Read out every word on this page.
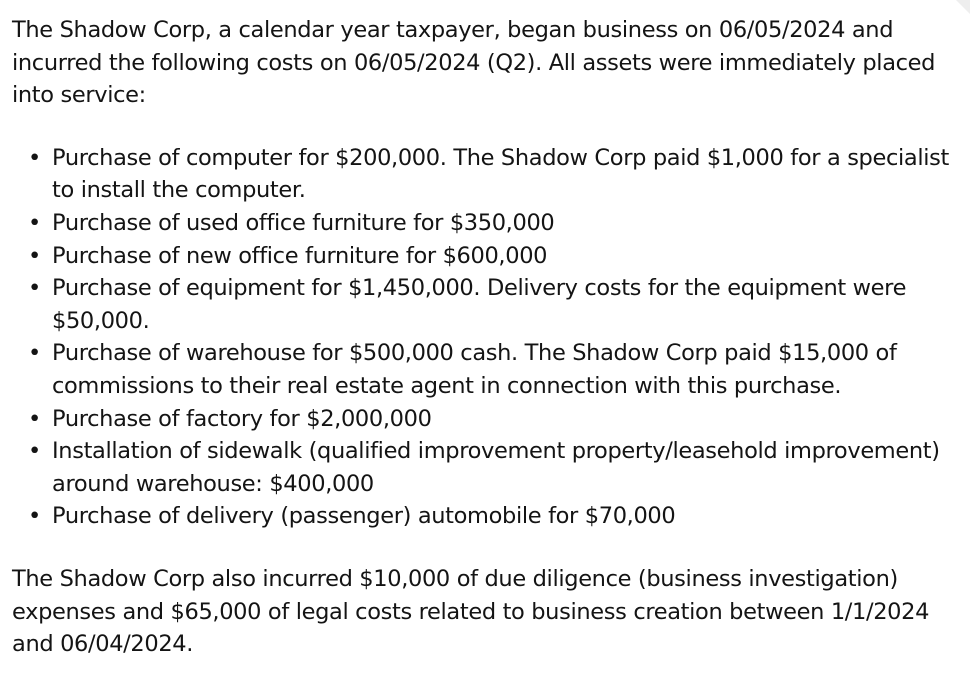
The Shadow Corp, a calendar year taxpayer, began business on 06/05/2024 and incurred the following costs on 06/05/2024 (Q2). All assets were immediately placed into service:

• Purchase of computer for $200,000. The Shadow Corp paid $1,000 for a specialist to install the computer.
• Purchase of used office furniture for $350,000
• Purchase of new office furniture for $600,000
• Purchase of equipment for $1,450,000. Delivery costs for the equipment were $50,000.
• Purchase of warehouse for $500,000 cash. The Shadow Corp paid $15,000 of commissions to their real estate agent in connection with this purchase.
• Purchase of factory for $2,000,000
• Installation of sidewalk (qualified improvement property/leasehold improvement) around warehouse: $400,000
• Purchase of delivery (passenger) automobile for $70,000

The Shadow Corp also incurred $10,000 of due diligence (business investigation) expenses and $65,000 of legal costs related to business creation between 1/1/2024 and 06/04/2024.
